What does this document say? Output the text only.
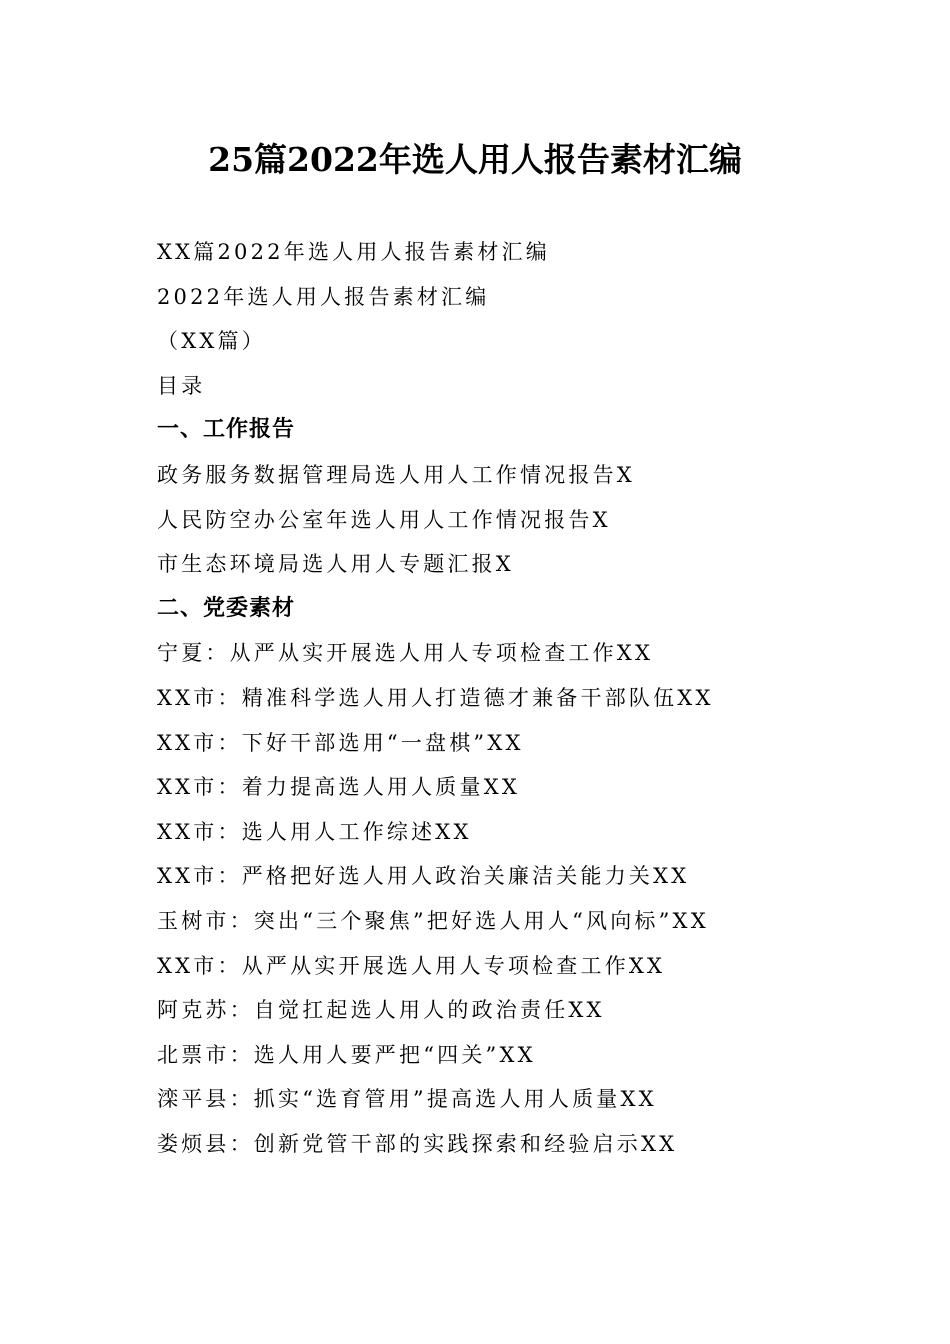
25篇2022年选人用人报告素材汇编
XX篇2022年选人用人报告素材汇编
2022年选人用人报告素材汇编
（XX篇）
目录
一、工作报告
政务服务数据管理局选人用人工作情况报告X
人民防空办公室年选人用人工作情况报告X
市生态环境局选人用人专题汇报X
二、党委素材
宁夏：从严从实开展选人用人专项检查工作XX
XX市：精准科学选人用人打造德才兼备干部队伍XX
XX市：下好干部选用“一盘棋”XX
XX市：着力提高选人用人质量XX
XX市：选人用人工作综述XX
XX市：严格把好选人用人政治关廉洁关能力关XX
玉树市：突出“三个聚焦”把好选人用人“风向标”XX
XX市：从严从实开展选人用人专项检查工作XX
阿克苏：自觉扛起选人用人的政治责任XX
北票市：选人用人要严把“四关”XX
滦平县：抓实“选育管用”提高选人用人质量XX
娄烦县：创新党管干部的实践探索和经验启示XX
